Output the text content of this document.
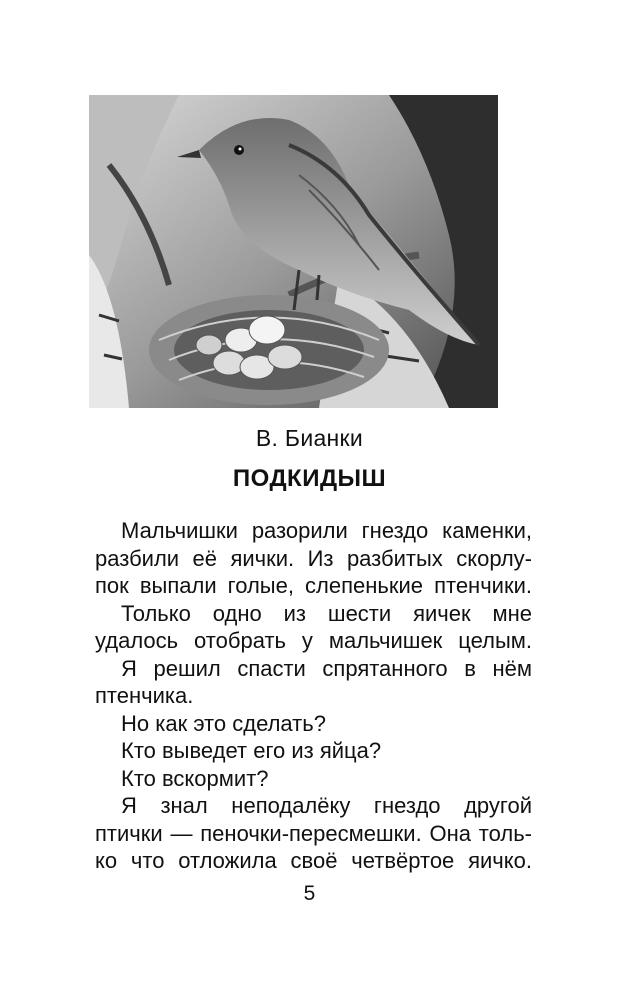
В. Бианки
ПОДКИДЫШ
Мальчишки разорили гнездо каменки,
разбили её яички. Из разбитых скорлу-
пок выпали голые, слепенькие птенчики.
Только одно из шести яичек мне
удалось отобрать у мальчишек целым.
Я решил спасти спрятанного в нём
птенчика.
Но как это сделать?
Кто выведет его из яйца?
Кто вскормит?
Я знал неподалёку гнездо другой
птички — пеночки-пересмешки. Она толь-
ко что отложила своё четвёртое яичко.
5
